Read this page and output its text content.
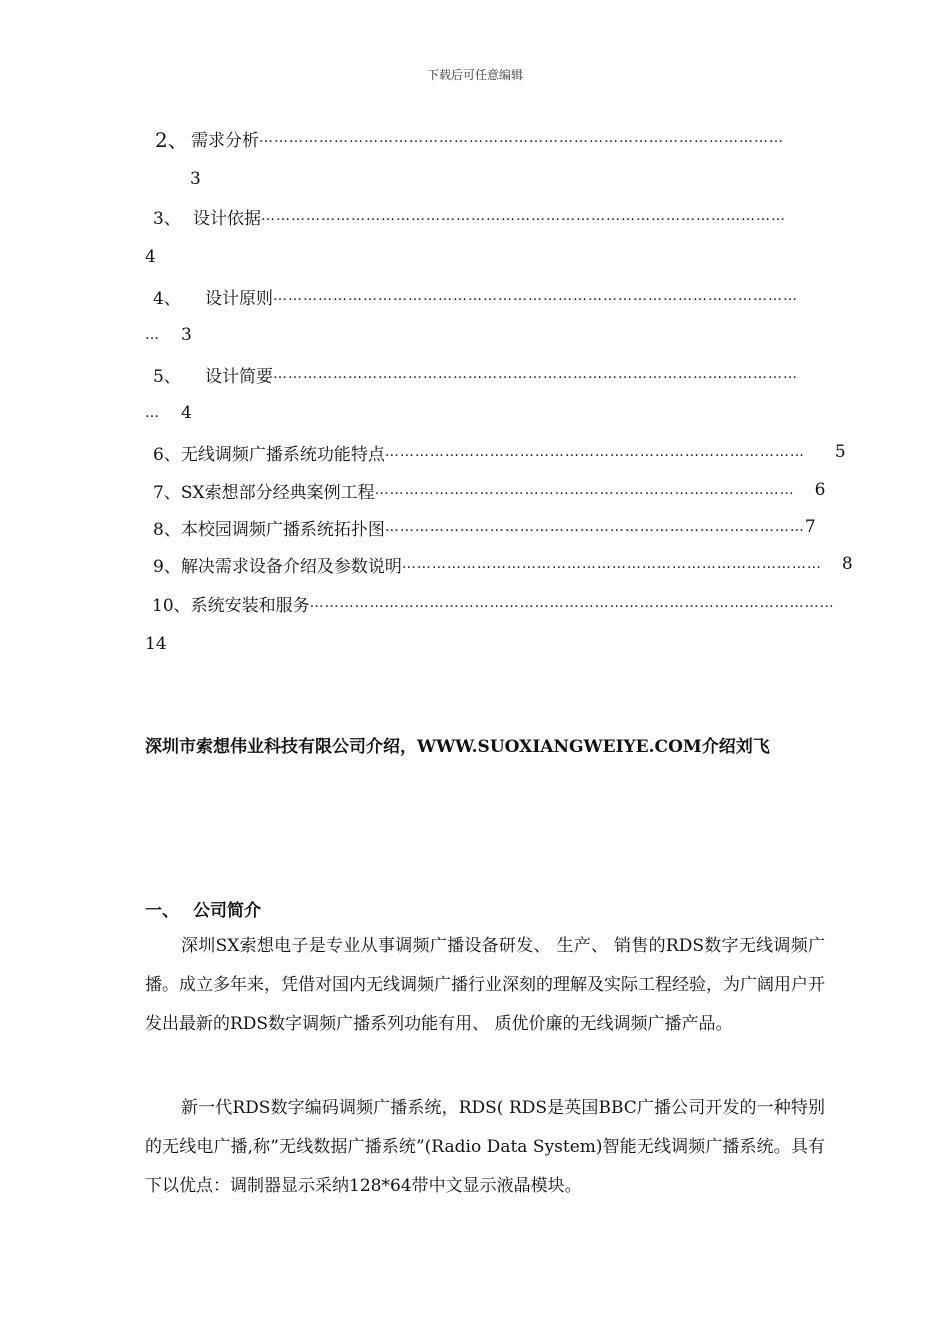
下载后可任意编辑
2、 需求分析 ……………………………………………………………………………………………
3
3、 设计依据 ……………………………………………………………………………………………
4
4、	设计原则 ……………………………………………………………………………………………
…	3
5、	设计简要 ……………………………………………………………………………………………
…	4
6、 无线调频广播系统功能特点 ………………………………………………………………………… 5
7、 SX索想部分经典案例工程 ………………………………………………………………………… 6
8、 本校园调频广播系统拓扑图 ………………………………………………………………………… 7
9、 解决需求设备介绍及参数说明 ………………………………………………………………………… 8
10、 系统安装和服务 ……………………………………………………………………………………………
14
深圳市索想伟业科技有限公司介绍，WWW.SUOXIANGWEIYE.COM介绍刘飞
一、 公司简介

深圳SX索想电子是专业从事调频广播设备研发、 生产、 销售的RDS数字无线调频广播。成立多年来，凭借对国内无线调频广播行业深刻的理解及实际工程经验，为广阔用户开发出最新的RDS数字调频广播系列功能有用、 质优价廉的无线调频广播产品。

新一代RDS数字编码调频广播系统，RDS( RDS是英国BBC广播公司开发的一种特别的无线电广播,称”无线数据广播系统”(Radio Data System)智能无线调频广播系统。具有下以优点：调制器显示采纳128*64带中文显示液晶模块。
